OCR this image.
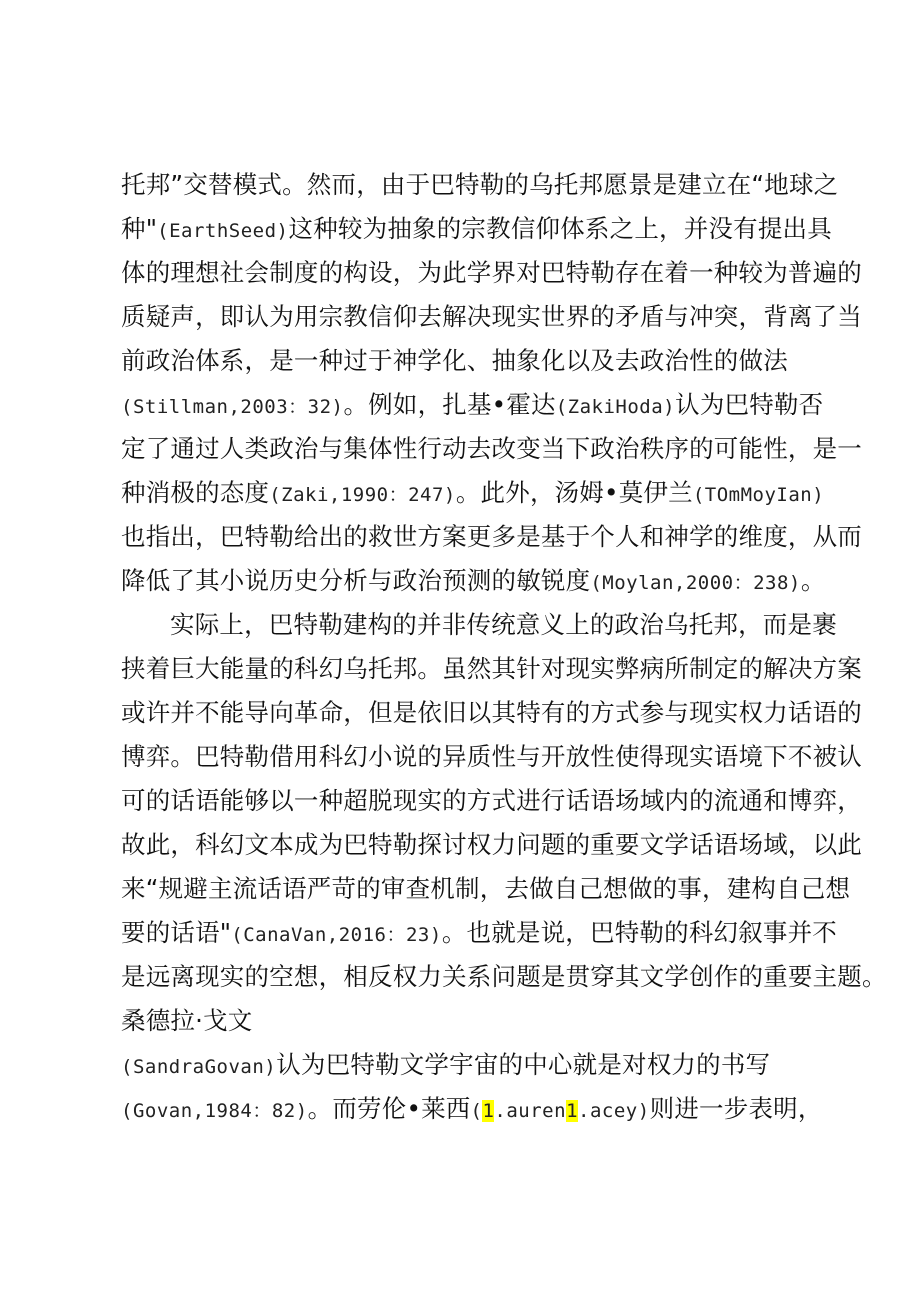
托邦”交替模式。然而，由于巴特勒的乌托邦愿景是建立在“地球之
种"(EarthSeed)这种较为抽象的宗教信仰体系之上，并没有提出具
体的理想社会制度的构设，为此学界对巴特勒存在着一种较为普遍的
质疑声，即认为用宗教信仰去解决现实世界的矛盾与冲突，背离了当
前政治体系，是一种过于神学化、抽象化以及去政治性的做法
(Stillman,2003：32)。例如，扎基•霍达(ZakiHoda)认为巴特勒否
定了通过人类政治与集体性行动去改变当下政治秩序的可能性，是一
种消极的态度(Zaki,1990：247)。此外，汤姆•莫伊兰(TOmMoyIan)
也指出，巴特勒给出的救世方案更多是基于个人和神学的维度，从而
降低了其小说历史分析与政治预测的敏锐度(Moylan,2000：238)。
实际上，巴特勒建构的并非传统意义上的政治乌托邦，而是裹
挟着巨大能量的科幻乌托邦。虽然其针对现实弊病所制定的解决方案
或许并不能导向革命，但是依旧以其特有的方式参与现实权力话语的
博弈。巴特勒借用科幻小说的异质性与开放性使得现实语境下不被认
可的话语能够以一种超脱现实的方式进行话语场域内的流通和博弈，
故此，科幻文本成为巴特勒探讨权力问题的重要文学话语场域，以此
来“规避主流话语严苛的审查机制，去做自己想做的事，建构自己想
要的话语"(CanaVan,2016：23)。也就是说，巴特勒的科幻叙事并不
是远离现实的空想，相反权力关系问题是贯穿其文学创作的重要主题。
桑德拉·戈文
(SandraGovan)认为巴特勒文学宇宙的中心就是对权力的书写
(Govan,1984：82)。而劳伦•莱西(1.auren1.acey)则进一步表明，
